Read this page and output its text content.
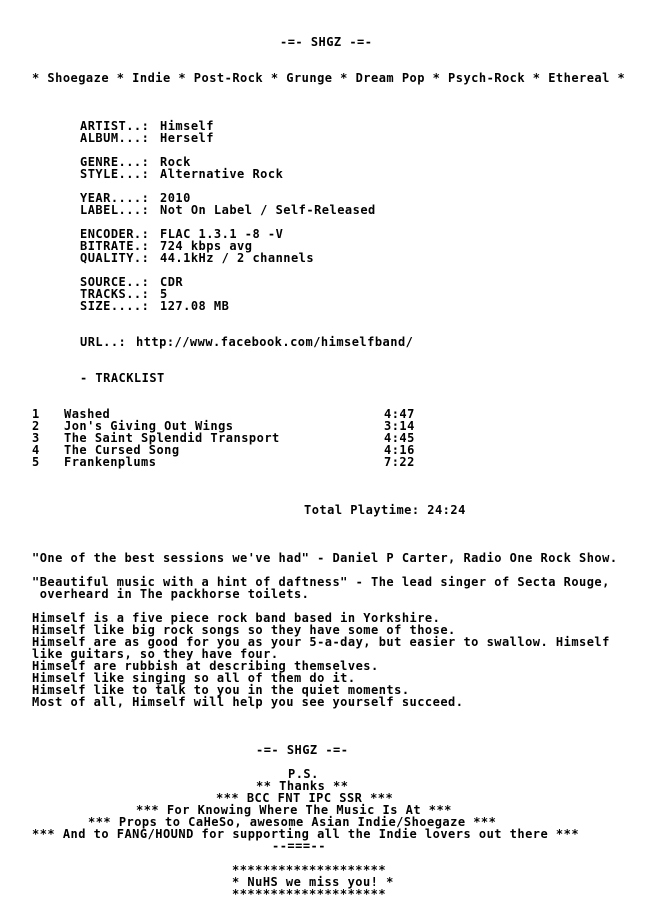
-=- SHGZ -=-
* Shoegaze * Indie * Post-Rock * Grunge * Dream Pop * Psych-Rock * Ethereal *
ARTIST..: Himself
ALBUM...: Herself
GENRE...: Rock
STYLE...: Alternative Rock
YEAR....: 2010
LABEL...: Not On Label / Self-Released
ENCODER.: FLAC 1.3.1 -8 -V
BITRATE.: 724 kbps avg
QUALITY.: 44.1kHz / 2 channels
SOURCE..: CDR
TRACKS..: 5
SIZE....: 127.08 MB
URL..: http://www.facebook.com/himselfband/
- TRACKLIST
1 Washed	4:47
2 Jon's Giving Out Wings	3:14
3 The Saint Splendid Transport	4:45
4 The Cursed Song	4:16
5 Frankenplums	7:22
Total Playtime: 24:24
"One of the best sessions we've had" - Daniel P Carter, Radio One Rock Show.
"Beautiful music with a hint of daftness" - The lead singer of Secta Rouge,
overheard in The packhorse toilets.
Himself is a five piece rock band based in Yorkshire.
Himself like big rock songs so they have some of those.
Himself are as good for you as your 5-a-day, but easier to swallow. Himself
like guitars, so they have four.
Himself are rubbish at describing themselves.
Himself like singing so all of them do it.
Himself like to talk to you in the quiet moments.
Most of all, Himself will help you see yourself succeed.
-=- SHGZ -=-
P.S.
** Thanks **
*** BCC FNT IPC SSR ***
*** For Knowing Where The Music Is At ***
*** Props to CaHeSo, awesome Asian Indie/Shoegaze ***
*** And to FANG/HOUND for supporting all the Indie lovers out there ***
--===--
********************
* NuHS we miss you! *
********************
